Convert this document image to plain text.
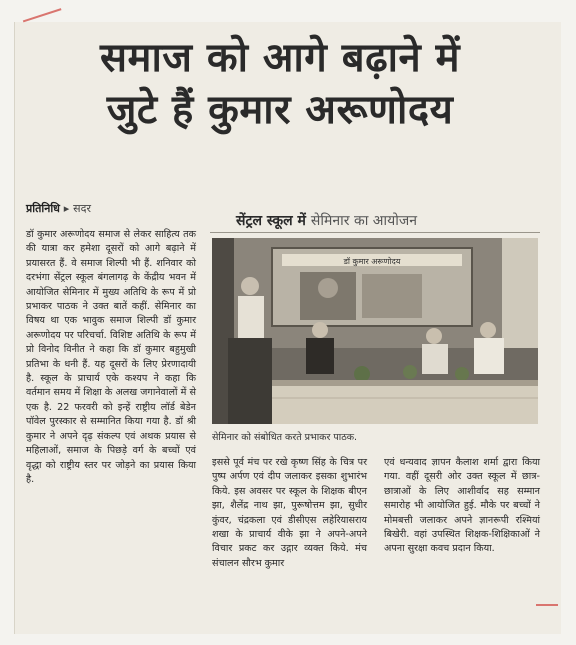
समाज को आगे बढ़ाने में
जुटे हैं कुमार अरूणोदय
प्रतिनिधि ▸ सदर

डॉ कुमार अरूणोदय समाज से लेकर साहित्य तक की यात्रा कर हमेशा दूसरों को आगे बढ़ाने में प्रयासरत हैं. वे समाज शिल्पी भी हैं. शनिवार को दरभंगा सेंट्रल स्कूल बंगलागढ़ के केंद्रीय भवन में आयोजित सेमिनार में मुख्य अतिथि के रूप में प्रो प्रभाकर पाठक ने उक्त बातें कहीं. सेमिनार का विषय था एक भावुक समाज शिल्पी डॉ कुमार अरूणोदय पर परिचर्चा. विशिष्ट अतिथि के रूप में प्रो विनोद विनीत ने कहा कि डॉ कुमार बहुमुखी प्रतिभा के धनी हैं. यह दूसरों के लिए प्रेरणादायी है. स्कूल के प्राचार्य एके कश्यप ने कहा कि वर्तमान समय में शिक्षा के अलख जगानेवालों में से एक है. 22 फरवरी को इन्हें राष्ट्रीय लॉर्ड बेडेन पॉवेल पुरस्कार से सम्मानित किया गया है. डॉ श्री कुमार ने अपने दृढ़ संकल्प एवं अथक प्रयास से महिलाओं, समाज के पिछड़े वर्ग के बच्चों एवं वृद्धा को राष्ट्रीय स्तर पर जोड़ने का प्रयास किया है.

सेंट्रल स्कूल में सेमिनार का आयोजन
डॉ कुमार अरूणोदय
सेमिनार को संबोधित करते प्रभाकर पाठक.

इससे पूर्व मंच पर रखे कृष्ण सिंह के चित्र पर पुष्प अर्पण एवं दीप जलाकर इसका शुभारंभ किये. इस अवसर पर स्कूल के शिक्षक बीएन झा, शैलेंद्र नाथ झा, पुरूषोत्तम झा, सुधीर कुंवर, चंद्रकला एवं डीसीएस लहेरियासराय शखा के प्राचार्य वीके झा ने अपने-अपने विचार प्रकट कर उद्गार व्यक्त किये. मंच संचालन सौरभ कुमार

एवं धन्यवाद ज्ञापन कैलाश शर्मा द्वारा किया गया. वहीं दूसरी ओर उक्त स्कूल में छात्र-छात्राओं के लिए आशीर्वाद सह सम्मान समारोह भी आयोजित हुई. मौके पर बच्चों ने मोमबत्ती जलाकर अपने ज्ञानरूपी रश्मियां बिखेरी. वहां उपस्थित शिक्षक-शिक्षिकाओं ने अपना सुरक्षा कवच प्रदान किया.
